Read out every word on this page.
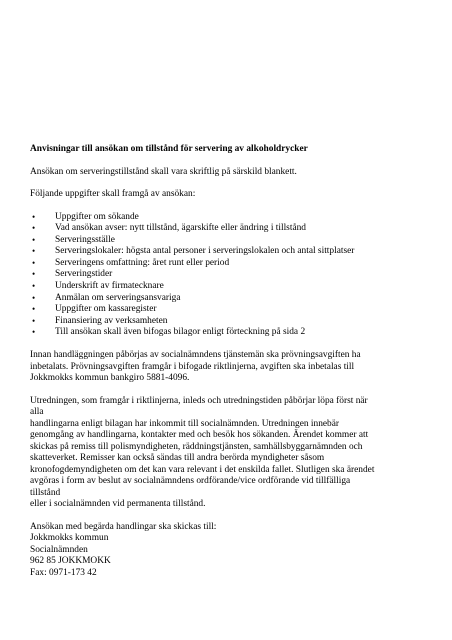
Anvisningar till ansökan om tillstånd för servering av alkoholdrycker

Ansökan om serveringstillstånd skall vara skriftlig på särskild blankett.

Följande uppgifter skall framgå av ansökan:

• Uppgifter om sökande
• Vad ansökan avser: nytt tillstånd, ägarskifte eller ändring i tillstånd
• Serveringsställe
• Serveringslokaler: högsta antal personer i serveringslokalen och antal sittplatser
• Serveringens omfattning: året runt eller period
• Serveringstider
• Underskrift av firmatecknare
• Anmälan om serveringsansvariga
• Uppgifter om kassaregister
• Finansiering av verksamheten
• Till ansökan skall även bifogas bilagor enligt förteckning på sida 2

Innan handläggningen påbörjas av socialnämndens tjänstemän ska prövningsavgiften ha

inbetalats. Prövningsavgiften framgår i bifogade riktlinjerna, avgiften ska inbetalas till

Jokkmokks kommun bankgiro 5881-4096.

Utredningen, som framgår i riktlinjerna, inleds och utredningstiden påbörjar löpa först när alla

handlingarna enligt bilagan har inkommit till socialnämnden. Utredningen innebär

genomgång av handlingarna, kontakter med och besök hos sökanden. Ärendet kommer att

skickas på remiss till polismyndigheten, räddningstjänsten, samhällsbyggarnämnden och

skatteverket. Remisser kan också sändas till andra berörda myndigheter såsom

kronofogdemyndigheten om det kan vara relevant i det enskilda fallet. Slutligen ska ärendet

avgöras i form av beslut av socialnämndens ordförande/vice ordförande vid tillfälliga tillstånd

eller i socialnämnden vid permanenta tillstånd.

Ansökan med begärda handlingar ska skickas till:

Jokkmokks kommun

Socialnämnden

962 85 JOKKMOKK

Fax: 0971-173 42
